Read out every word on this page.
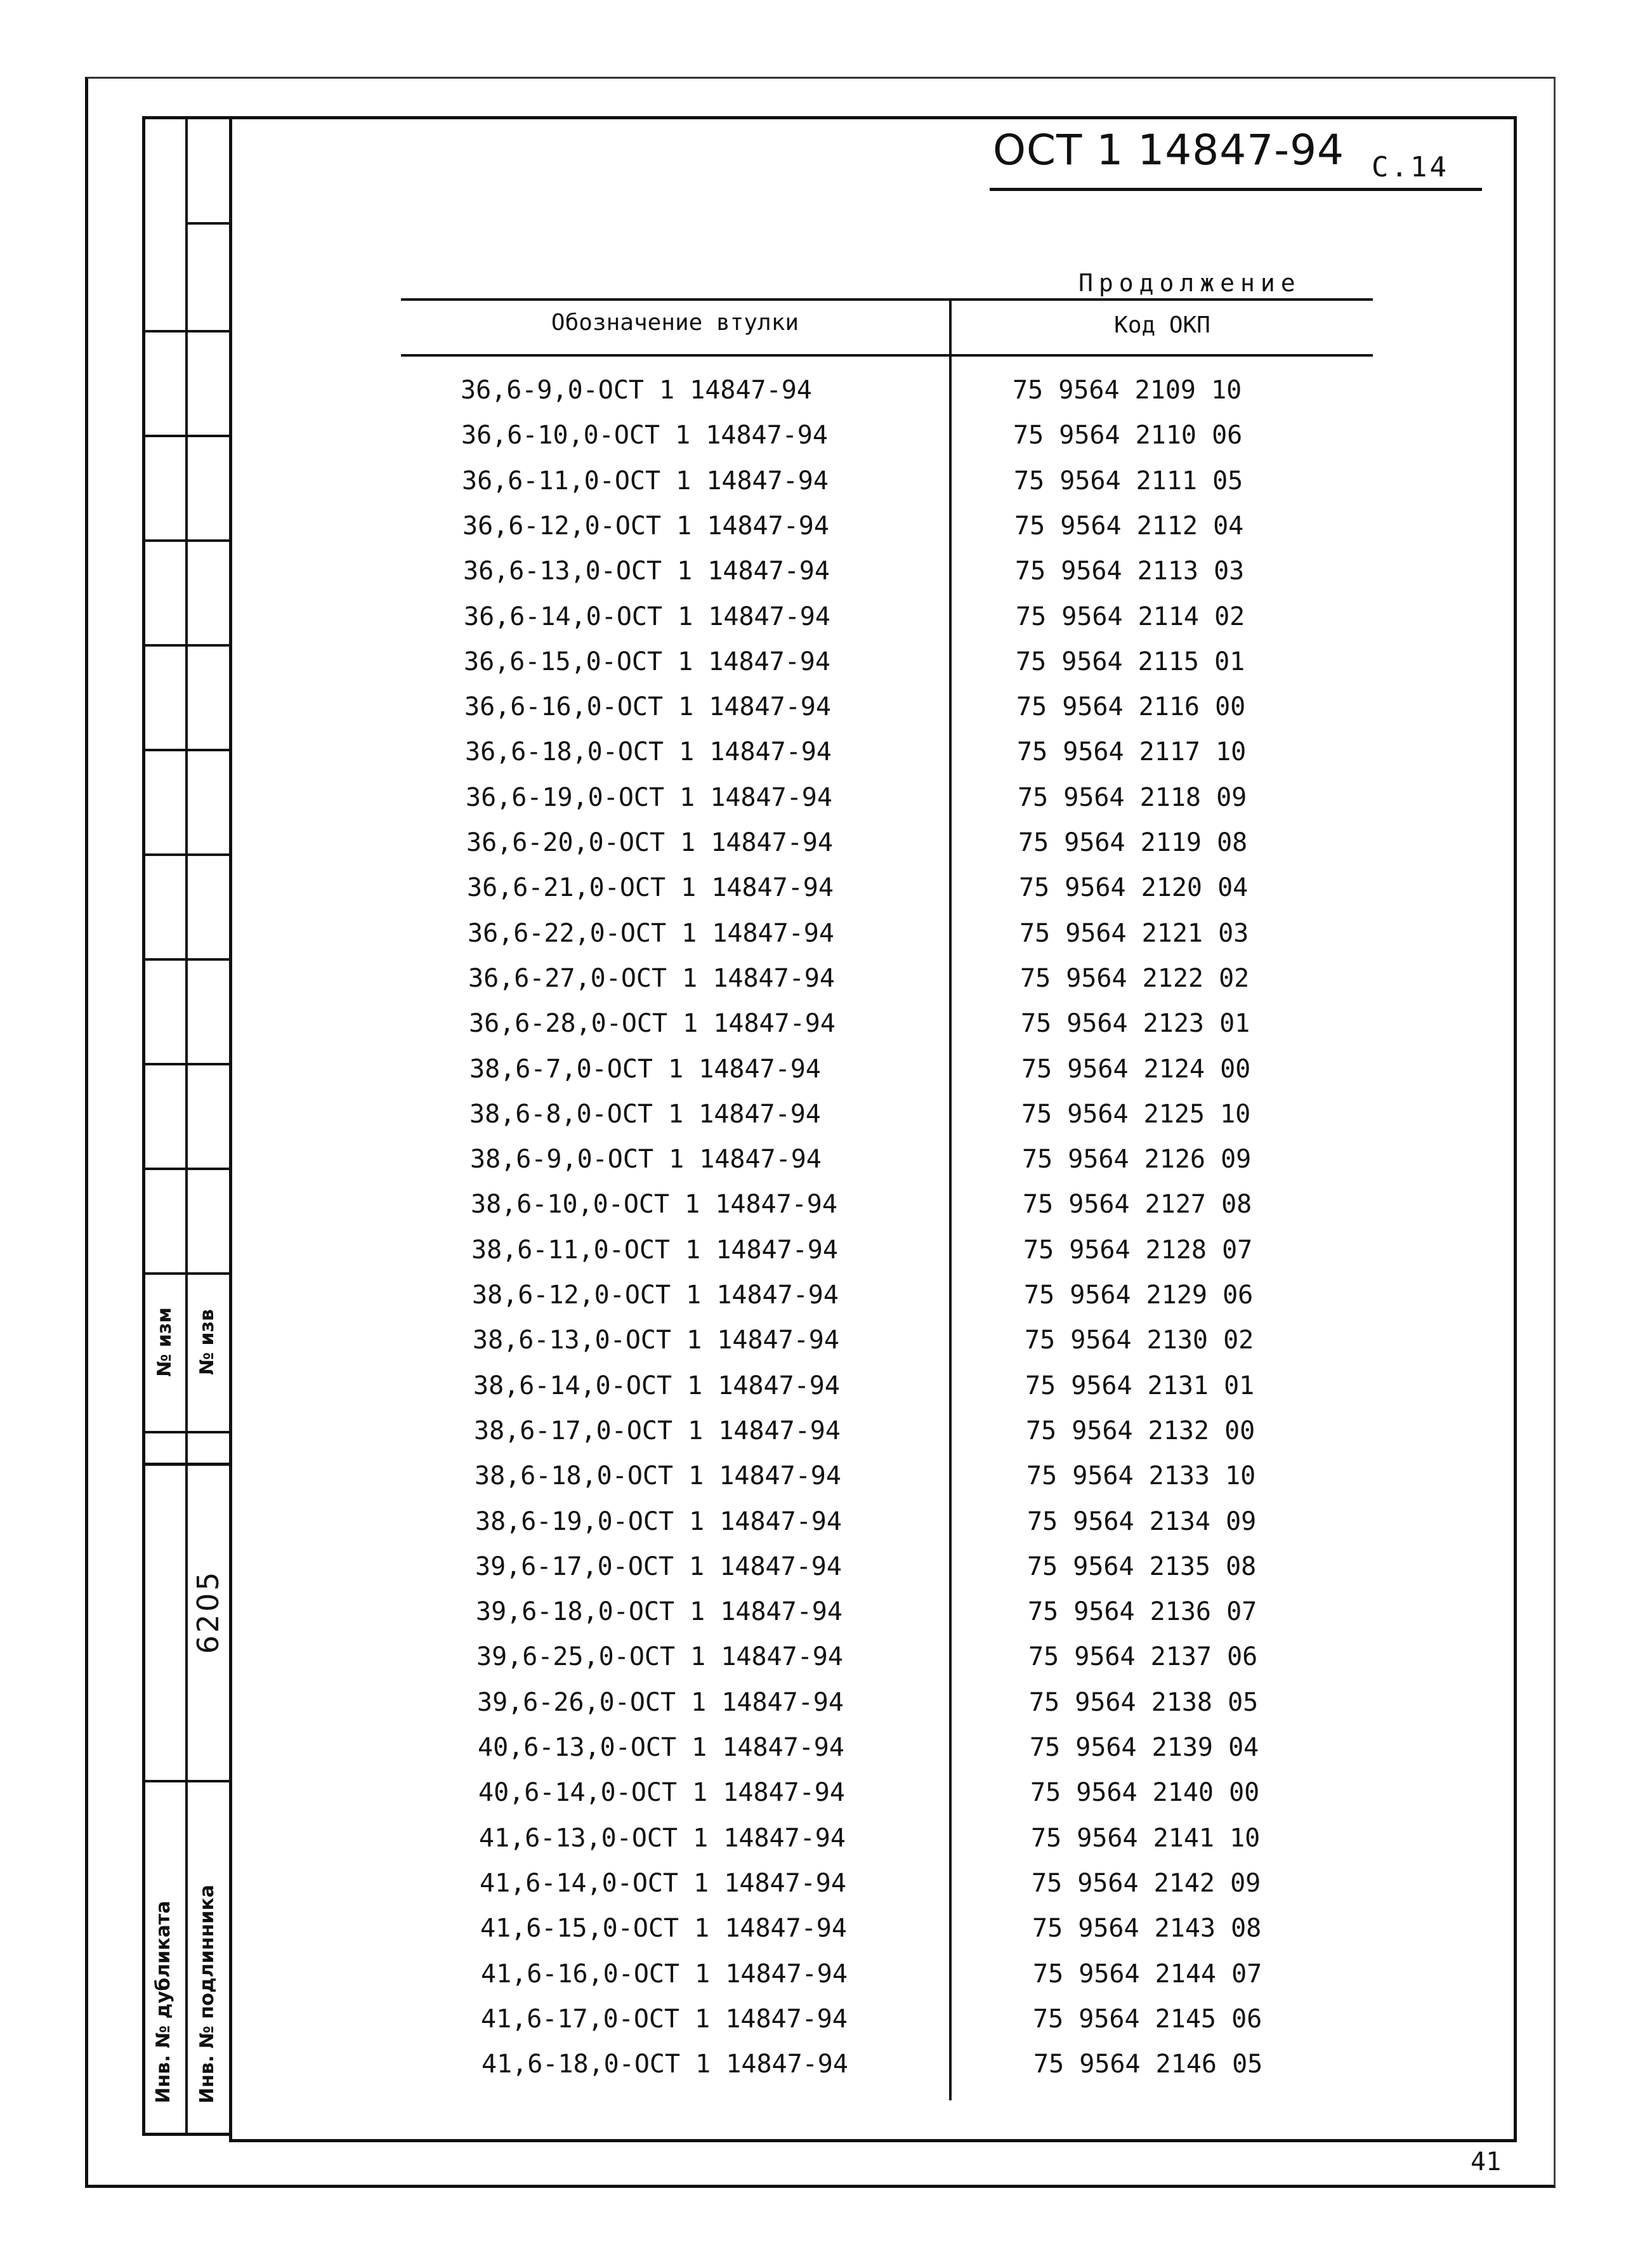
№ изм № изв
6205
Инв. № дубликата Инв. № подлинника
ОСТ 1 14847-94 С.14
Продолжение
Обозначение втулки	Код ОКП
36,6-9,0-ОСТ 1 14847-94	75 9564 2109 10
36,6-10,0-ОСТ 1 14847-94	75 9564 2110 06
36,6-11,0-ОСТ 1 14847-94	75 9564 2111 05
36,6-12,0-ОСТ 1 14847-94	75 9564 2112 04
36,6-13,0-ОСТ 1 14847-94	75 9564 2113 03
36,6-14,0-ОСТ 1 14847-94	75 9564 2114 02
36,6-15,0-ОСТ 1 14847-94	75 9564 2115 01
36,6-16,0-ОСТ 1 14847-94	75 9564 2116 00
36,6-18,0-ОСТ 1 14847-94	75 9564 2117 10
36,6-19,0-ОСТ 1 14847-94	75 9564 2118 09
36,6-20,0-ОСТ 1 14847-94	75 9564 2119 08
36,6-21,0-ОСТ 1 14847-94	75 9564 2120 04
36,6-22,0-ОСТ 1 14847-94	75 9564 2121 03
36,6-27,0-ОСТ 1 14847-94	75 9564 2122 02
36,6-28,0-ОСТ 1 14847-94	75 9564 2123 01
38,6-7,0-ОСТ 1 14847-94	75 9564 2124 00
38,6-8,0-ОСТ 1 14847-94	75 9564 2125 10
38,6-9,0-ОСТ 1 14847-94	75 9564 2126 09
38,6-10,0-ОСТ 1 14847-94	75 9564 2127 08
38,6-11,0-ОСТ 1 14847-94	75 9564 2128 07
38,6-12,0-ОСТ 1 14847-94	75 9564 2129 06
38,6-13,0-ОСТ 1 14847-94	75 9564 2130 02
38,6-14,0-ОСТ 1 14847-94	75 9564 2131 01
38,6-17,0-ОСТ 1 14847-94	75 9564 2132 00
38,6-18,0-ОСТ 1 14847-94	75 9564 2133 10
38,6-19,0-ОСТ 1 14847-94	75 9564 2134 09
39,6-17,0-ОСТ 1 14847-94	75 9564 2135 08
39,6-18,0-ОСТ 1 14847-94	75 9564 2136 07
39,6-25,0-ОСТ 1 14847-94	75 9564 2137 06
39,6-26,0-ОСТ 1 14847-94	75 9564 2138 05
40,6-13,0-ОСТ 1 14847-94	75 9564 2139 04
40,6-14,0-ОСТ 1 14847-94	75 9564 2140 00
41,6-13,0-ОСТ 1 14847-94	75 9564 2141 10
41,6-14,0-ОСТ 1 14847-94	75 9564 2142 09
41,6-15,0-ОСТ 1 14847-94	75 9564 2143 08
41,6-16,0-ОСТ 1 14847-94	75 9564 2144 07
41,6-17,0-ОСТ 1 14847-94	75 9564 2145 06
41,6-18,0-ОСТ 1 14847-94	75 9564 2146 05
41
